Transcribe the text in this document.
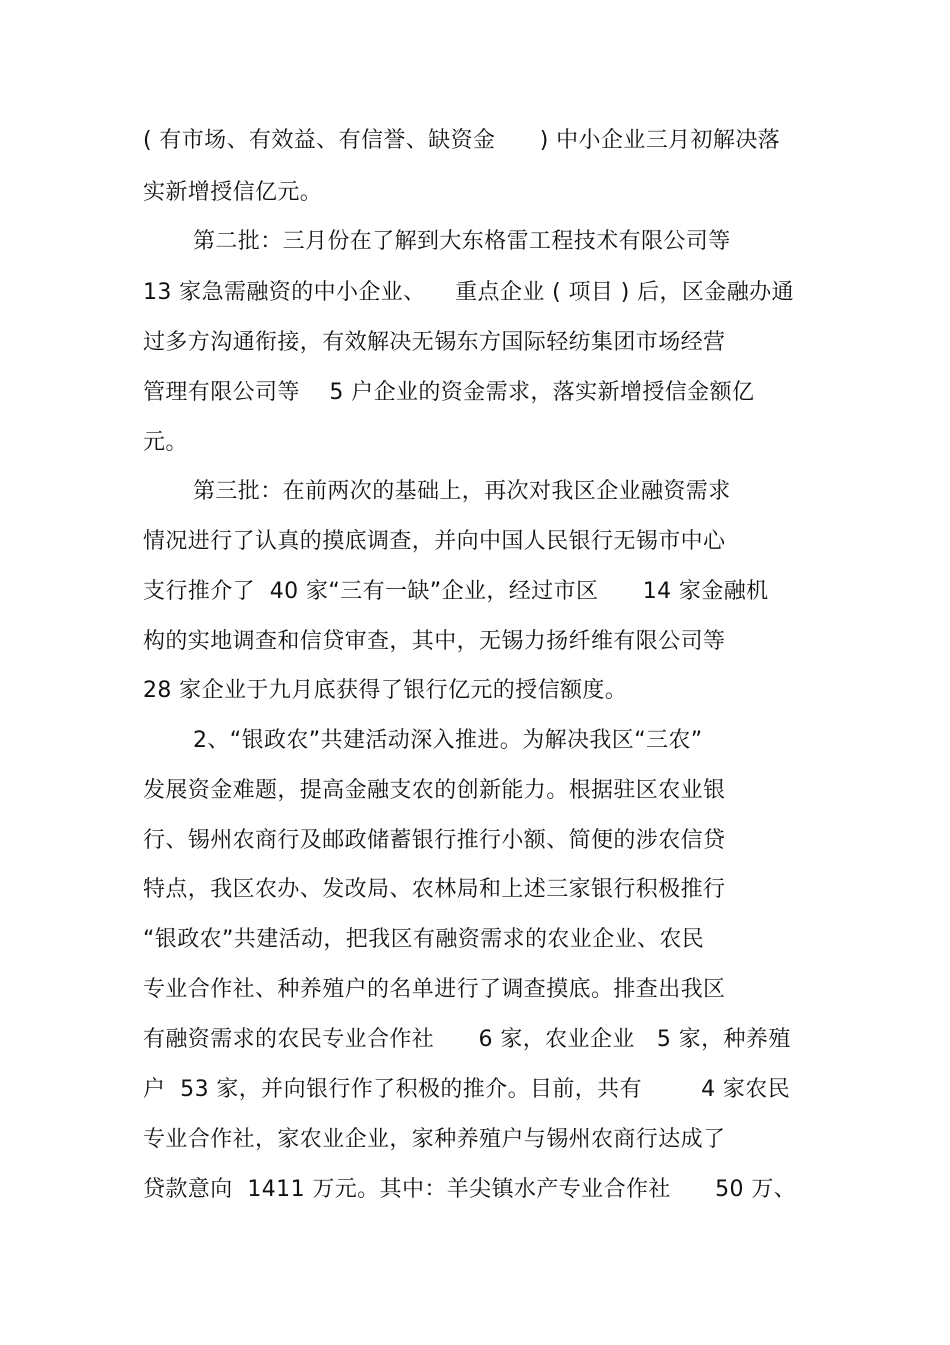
( 有市场、有效益、有信誉、缺资金      ) 中小企业三月初解决落
实新增授信亿元。
第二批：三月份在了解到大东格雷工程技术有限公司等
13 家急需融资的中小企业、    重点企业 ( 项目 ) 后，区金融办通
过多方沟通衔接，有效解决无锡东方国际轻纺集团市场经营
管理有限公司等    5 户企业的资金需求，落实新增授信金额亿
元。
第三批：在前两次的基础上，再次对我区企业融资需求
情况进行了认真的摸底调查，并向中国人民银行无锡市中心
支行推介了  40 家“三有一缺”企业，经过市区      14 家金融机
构的实地调查和信贷审查，其中，无锡力扬纤维有限公司等
28 家企业于九月底获得了银行亿元的授信额度。
2、“银政农”共建活动深入推进。为解决我区“三农”
发展资金难题，提高金融支农的创新能力。根据驻区农业银
行、锡州农商行及邮政储蓄银行推行小额、简便的涉农信贷
特点，我区农办、发改局、农林局和上述三家银行积极推行
“银政农”共建活动，把我区有融资需求的农业企业、农民
专业合作社、种养殖户的名单进行了调查摸底。排查出我区
有融资需求的农民专业合作社      6 家，农业企业   5 家，种养殖
户  53 家，并向银行作了积极的推介。目前，共有        4 家农民
专业合作社，家农业企业，家种养殖户与锡州农商行达成了
贷款意向  1411 万元。其中：羊尖镇水产专业合作社      50 万、
